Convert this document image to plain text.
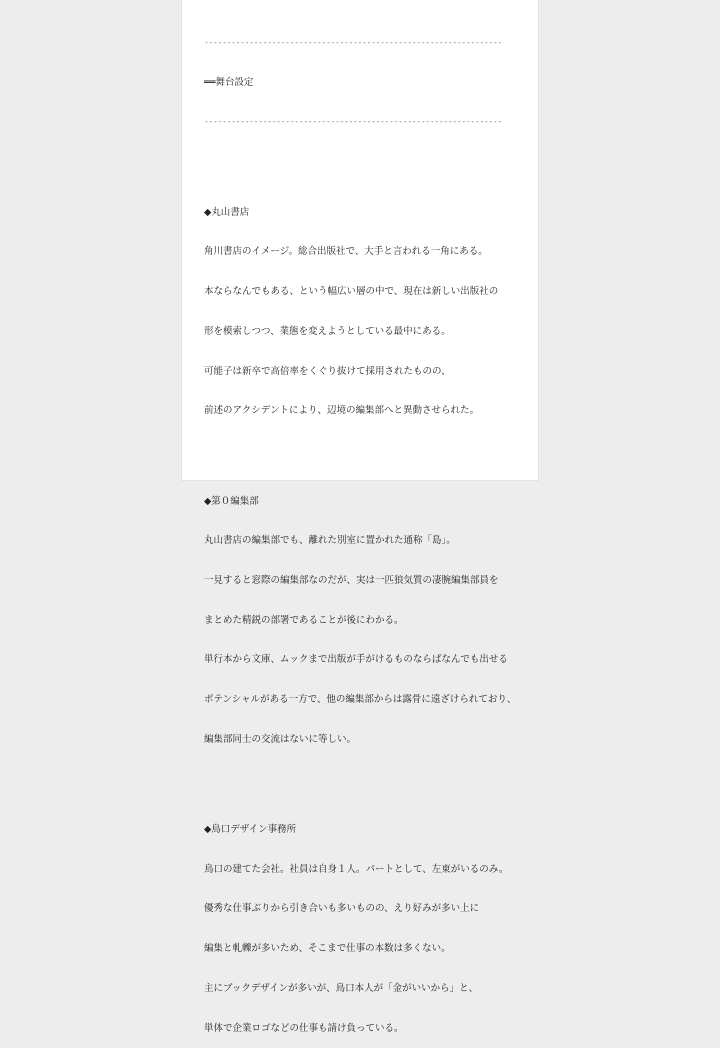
------------------------------------------------------------------

══舞台設定

------------------------------------------------------------------

◆丸山書店

角川書店のイメージ。総合出版社で、大手と言われる一角にある。

本ならなんでもある、という幅広い層の中で、現在は新しい出版社の

形を模索しつつ、業態を変えようとしている最中にある。

可能子は新卒で高倍率をくぐり抜けて採用されたものの、

前述のアクシデントにより、辺境の編集部へと異動させられた。

◆第０編集部

丸山書店の編集部でも、離れた別室に置かれた通称「島」。

一見すると窓際の編集部なのだが、実は一匹狼気質の凄腕編集部員を

まとめた精鋭の部署であることが後にわかる。

単行本から文庫、ムックまで出版が手がけるものならばなんでも出せる

ポテンシャルがある一方で、他の編集部からは露骨に遠ざけられており、

編集部同士の交流はないに等しい。

◆鳥口デザイン事務所

鳥口の建てた会社。社員は自身１人。パートとして、左東がいるのみ。

優秀な仕事ぶりから引き合いも多いものの、えり好みが多い上に

編集と軋轢が多いため、そこまで仕事の本数は多くない。

主にブックデザインが多いが、鳥口本人が「金がいいから」と、

単体で企業ロゴなどの仕事も請け負っている。
